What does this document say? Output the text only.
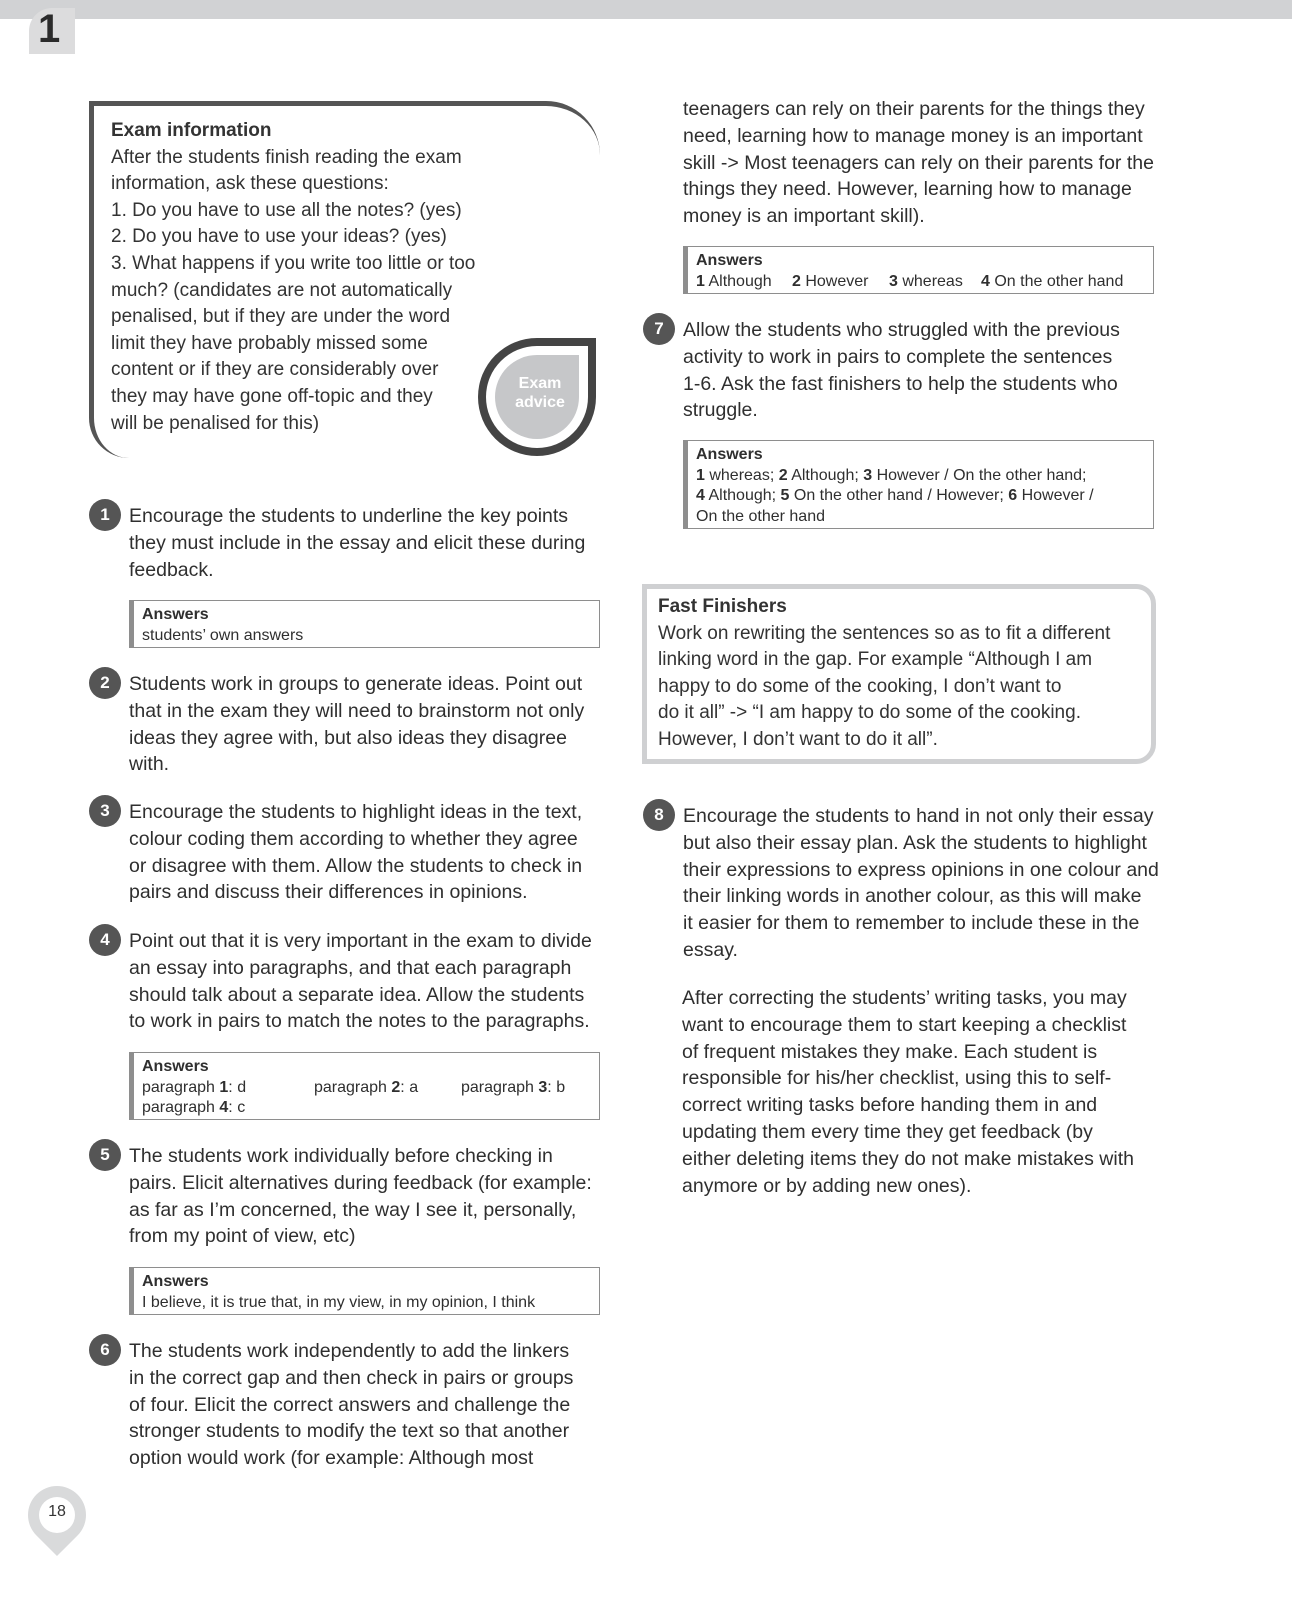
1
Exam information
After the students finish reading the exam
information, ask these questions:
1. Do you have to use all the notes? (yes)
2. Do you have to use your ideas? (yes)
3. What happens if you write too little or too
much? (candidates are not automatically
penalised, but if they are under the word
limit they have probably missed some
content or if they are considerably over
they may have gone off-topic and they
will be penalised for this)
Exam
advice
1 Encourage the students to underline the key points
they must include in the essay and elicit these during
feedback.
Answers
students’ own answers
2 Students work in groups to generate ideas. Point out
that in the exam they will need to brainstorm not only
ideas they agree with, but also ideas they disagree
with.
3 Encourage the students to highlight ideas in the text,
colour coding them according to whether they agree
or disagree with them. Allow the students to check in
pairs and discuss their differences in opinions.
4 Point out that it is very important in the exam to divide
an essay into paragraphs, and that each paragraph
should talk about a separate idea. Allow the students
to work in pairs to match the notes to the paragraphs.
Answers
paragraph 1: d	paragraph 2: a	paragraph 3: b
paragraph 4: c
5 The students work individually before checking in
pairs. Elicit alternatives during feedback (for example:
as far as I’m concerned, the way I see it, personally,
from my point of view, etc)
Answers
I believe, it is true that, in my view, in my opinion, I think
6 The students work independently to add the linkers
in the correct gap and then check in pairs or groups
of four. Elicit the correct answers and challenge the
stronger students to modify the text so that another
option would work (for example: Although most
teenagers can rely on their parents for the things they
need, learning how to manage money is an important
skill -> Most teenagers can rely on their parents for the
things they need. However, learning how to manage
money is an important skill).
Answers
1 Although 2 However 3 whereas 4 On the other hand
7 Allow the students who struggled with the previous
activity to work in pairs to complete the sentences
1-6. Ask the fast finishers to help the students who
struggle.
Answers
1 whereas; 2 Although; 3 However / On the other hand;
4 Although; 5 On the other hand / However; 6 However /
On the other hand
Fast Finishers
Work on rewriting the sentences so as to fit a different
linking word in the gap. For example “Although I am
happy to do some of the cooking, I don’t want to
do it all” -> “I am happy to do some of the cooking.
However, I don’t want to do it all”.
8 Encourage the students to hand in not only their essay
but also their essay plan. Ask the students to highlight
their expressions to express opinions in one colour and
their linking words in another colour, as this will make
it easier for them to remember to include these in the
essay.
After correcting the students’ writing tasks, you may
want to encourage them to start keeping a checklist
of frequent mistakes they make. Each student is
responsible for his/her checklist, using this to self-
correct writing tasks before handing them in and
updating them every time they get feedback (by
either deleting items they do not make mistakes with
anymore or by adding new ones).
18
